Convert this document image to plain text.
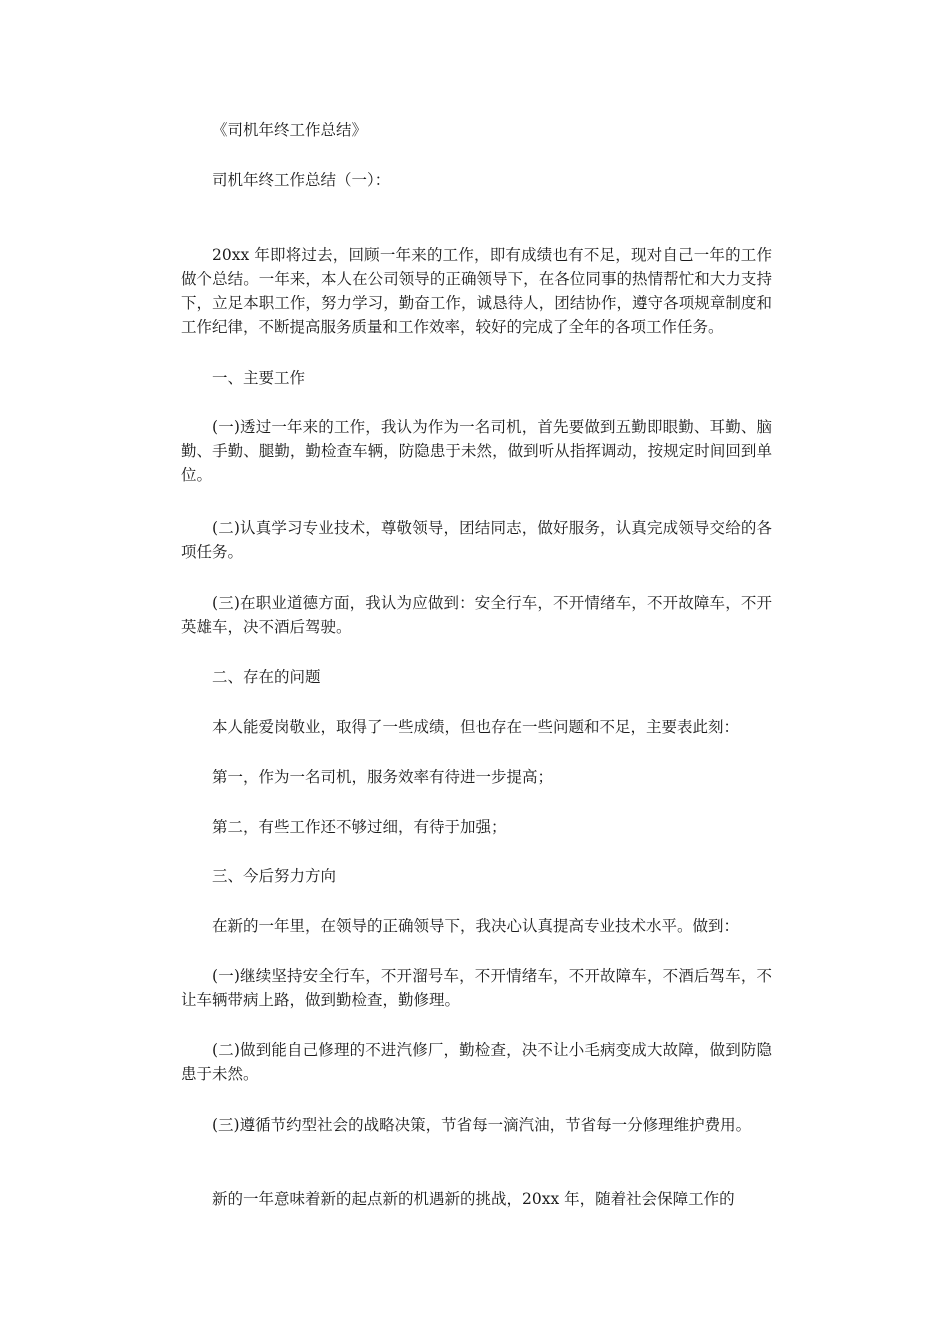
《司机年终工作总结》

司机年终工作总结（一）：

20xx 年即将过去，回顾一年来的工作，即有成绩也有不足，现对自己一年的工作做个总结。一年来，本人在公司领导的正确领导下，在各位同事的热情帮忙和大力支持下，立足本职工作，努力学习，勤奋工作，诚恳待人，团结协作，遵守各项规章制度和工作纪律，不断提高服务质量和工作效率，较好的完成了全年的各项工作任务。

一、主要工作

(一)透过一年来的工作，我认为作为一名司机，首先要做到五勤即眼勤、耳勤、脑勤、手勤、腿勤，勤检查车辆，防隐患于未然，做到听从指挥调动，按规定时间回到单位。

(二)认真学习专业技术，尊敬领导，团结同志，做好服务，认真完成领导交给的各项任务。

(三)在职业道德方面，我认为应做到：安全行车，不开情绪车，不开故障车，不开英雄车，决不酒后驾驶。

二、存在的问题

本人能爱岗敬业，取得了一些成绩，但也存在一些问题和不足，主要表此刻：

第一，作为一名司机，服务效率有待进一步提高；

第二，有些工作还不够过细，有待于加强；

三、今后努力方向

在新的一年里，在领导的正确领导下，我决心认真提高专业技术水平。做到：

(一)继续坚持安全行车，不开溜号车，不开情绪车，不开故障车，不酒后驾车，不让车辆带病上路，做到勤检查，勤修理。

(二)做到能自己修理的不进汽修厂，勤检查，决不让小毛病变成大故障，做到防隐患于未然。

(三)遵循节约型社会的战略决策，节省每一滴汽油，节省每一分修理维护费用。

新的一年意味着新的起点新的机遇新的挑战，20xx 年，随着社会保障工作的
